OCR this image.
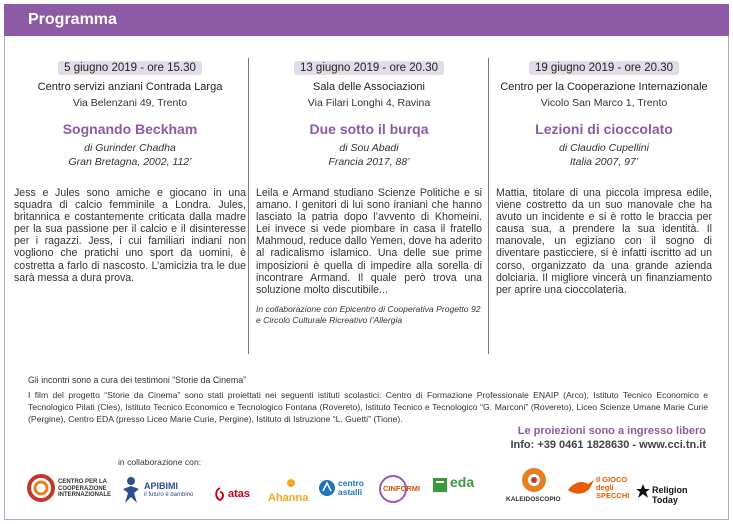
Programma
5 giugno 2019 - ore 15.30
Centro servizi anziani Contrada Larga
Via Belenzani 49, Trento
Sognando Beckham
di Gurinder Chadha
Gran Bretagna, 2002, 112’
Jess e Jules sono amiche e giocano in una squadra di calcio femminile a Londra. Jules, britannica e costantemente criticata dalla madre per la sua passione per il calcio e il disinteresse per i ragazzi. Jess, i cui familiari indiani non vogliono che pratichi uno sport da uomini, è costretta a farlo di nascosto. L’amicizia tra le due sarà messa a dura prova.
13 giugno 2019 - ore 20.30
Sala delle Associazioni
Via Filari Longhi 4, Ravina
Due sotto il burqa
di Sou Abadi
Francia 2017, 88’
Leila e Armand studiano Scienze Politiche e si amano. I genitori di lui sono iraniani che hanno lasciato la patria dopo l’avvento di Khomeini. Lei invece si vede piombare in casa il fratello Mahmoud, reduce dallo Yemen, dove ha aderito al radicalismo islamico. Una delle sue prime imposizioni è quella di impedire alla sorella di incontrare Armand. Il quale però trova una soluzione molto discutibile...
In collaborazione con Epicentro di Cooperativa Progetto 92 e Circolo Culturale Ricreativo l’Allergia
19 giugno 2019 - ore 20.30
Centro per la Cooperazione Internazionale
Vicolo San Marco 1, Trento
Lezioni di cioccolato
di Claudio Cupellini
Italia 2007, 97’
Mattia, titolare di una piccola impresa edile, viene costretto da un suo manovale che ha avuto un incidente e si è rotto le braccia per causa sua, a prendere la sua identità. Il manovale, un egiziano con il sogno di diventare pasticciere, si è infatti iscritto ad un corso, organizzato da una grande azienda dolciaria. Il migliore vincerà un finanziamento per aprire una cioccolateria.
Gli incontri sono a cura dei testimoni “Storie da Cinema”
I film del progetto “Storie da Cinema” sono stati proiettati nei seguenti istituti scolastici: Centro di Formazione Professionale ENAIP (Arco), Istituto Tecnico Economico e Tecnologico Pilati (Cles), Istituto Tecnico Economico e Tecnologico Fontana (Rovereto), Istituto Tecnico e Tecnologico “G. Marconi” (Rovereto), Liceo Scienze Umane Marie Curie (Pergine), Centro EDA (presso Liceo Marie Curie, Pergine), Istituto di Istruzione “L. Guetti” (Tione).
Le proiezioni sono a ingresso libero
Info: +39 0461 1828630 - www.cci.tn.it
in collaborazione con:
CENTRO PER LA COOPERAZIONE INTERNAZIONALE
APIBIMI
il futuro è bambino	atas Ahanna
centro astalli	CINFORMI eda
KALEIDOSCOPIO
Il GIOCO degli SPECCHI
Religion Today
